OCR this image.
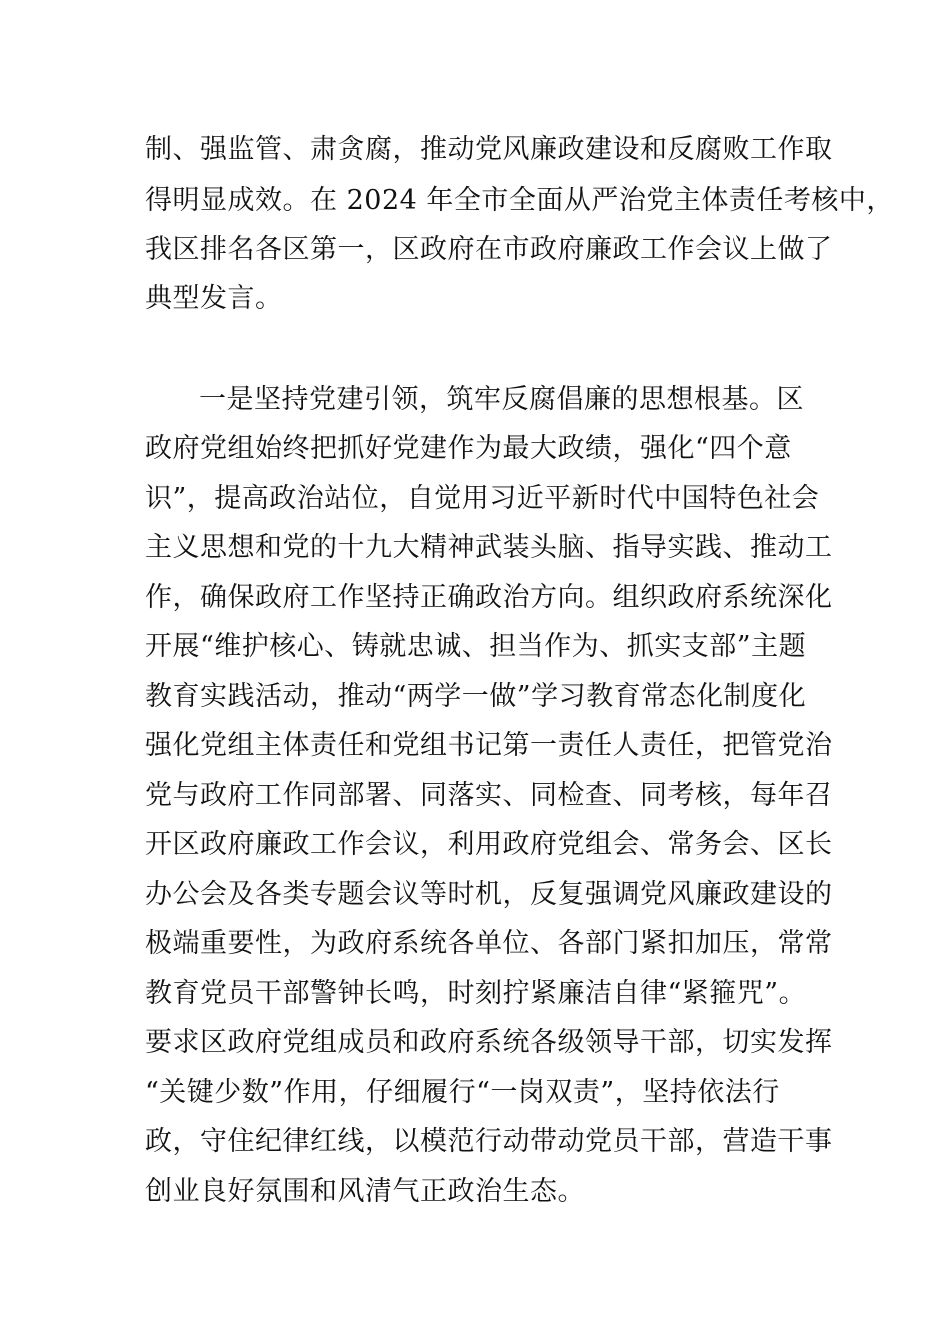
制、强监管、肃贪腐，推动党风廉政建设和反腐败工作取
得明显成效。在 2024 年全市全面从严治党主体责任考核中，
我区排名各区第一，区政府在市政府廉政工作会议上做了
典型发言。
一是坚持党建引领，筑牢反腐倡廉的思想根基。区
政府党组始终把抓好党建作为最大政绩，强化“四个意
识”，提高政治站位，自觉用习近平新时代中国特色社会
主义思想和党的十九大精神武装头脑、指导实践、推动工
作，确保政府工作坚持正确政治方向。组织政府系统深化
开展“维护核心、铸就忠诚、担当作为、抓实支部”主题
教育实践活动，推动“两学一做”学习教育常态化制度化
强化党组主体责任和党组书记第一责任人责任，把管党治
党与政府工作同部署、同落实、同检查、同考核，每年召
开区政府廉政工作会议，利用政府党组会、常务会、区长
办公会及各类专题会议等时机，反复强调党风廉政建设的
极端重要性，为政府系统各单位、各部门紧扣加压，常常
教育党员干部警钟长鸣，时刻拧紧廉洁自律“紧箍咒”。
要求区政府党组成员和政府系统各级领导干部，切实发挥
“关键少数”作用，仔细履行“一岗双责”，坚持依法行
政，守住纪律红线，以模范行动带动党员干部，营造干事
创业良好氛围和风清气正政治生态。
